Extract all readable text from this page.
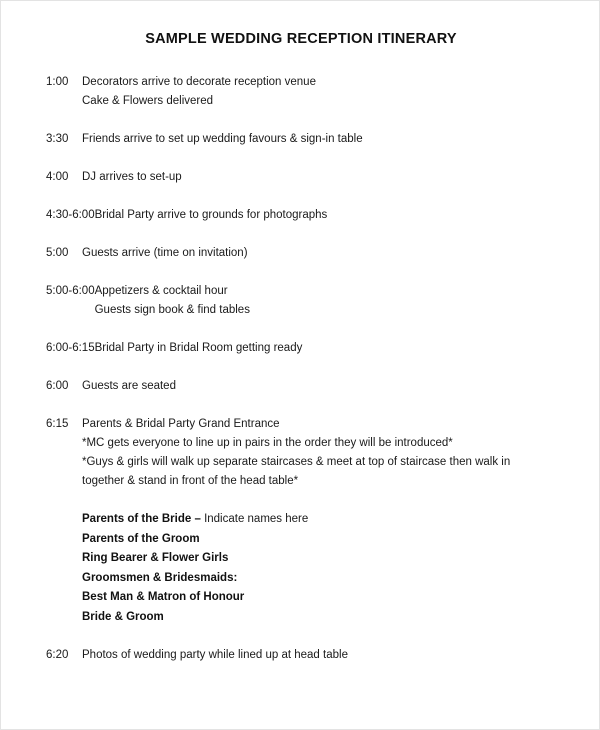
SAMPLE WEDDING RECEPTION ITINERARY
1:00	Decorators arrive to decorate reception venue
Cake & Flowers delivered
3:30	Friends arrive to set up wedding favours & sign-in table
4:00	DJ arrives to set-up
4:30-6:00 Bridal Party arrive to grounds for photographs
5:00	Guests arrive (time on invitation)
5:00-6:00 Appetizers & cocktail hour
Guests sign book & find tables
6:00-6:15 Bridal Party in Bridal Room getting ready
6:00	Guests are seated
6:15	Parents & Bridal Party Grand Entrance
*MC gets everyone to line up in pairs in the order they will be introduced*
*Guys & girls will walk up separate staircases & meet at top of staircase then walk in together & stand in front of the head table*
Parents of the Bride – Indicate names here
Parents of the Groom
Ring Bearer & Flower Girls
Groomsmen & Bridesmaids:
Best Man & Matron of Honour
Bride & Groom
6:20	Photos of wedding party while lined up at head table
